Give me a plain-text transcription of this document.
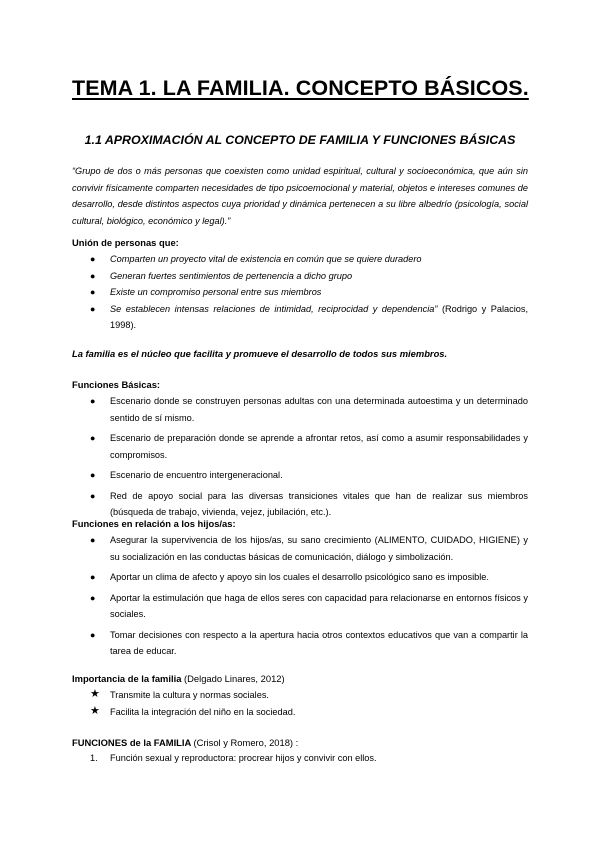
TEMA 1. LA FAMILIA. CONCEPTO BÁSICOS.
1.1 APROXIMACIÓN AL CONCEPTO DE FAMILIA Y FUNCIONES BÁSICAS
“Grupo de dos o más personas que coexisten como unidad espiritual, cultural y socioeconómica, que aún sin convivir físicamente comparten necesidades de tipo psicoemocional y material, objetos e intereses comunes de desarrollo, desde distintos aspectos cuya prioridad y dinámica pertenecen a su libre albedrío (psicología, social cultural, biológico, económico y legal).”
Unión de personas que:
● Comparten un proyecto vital de existencia en común que se quiere duradero
● Generan fuertes sentimientos de pertenencia a dicho grupo
● Existe un compromiso personal entre sus miembros
● Se establecen intensas relaciones de intimidad, reciprocidad y dependencia” (Rodrigo y Palacios, 1998).
La familia es el núcleo que facilita y promueve el desarrollo de todos sus miembros.
Funciones Básicas:
● Escenario donde se construyen personas adultas con una determinada autoestima y un determinado sentido de sí mismo.
● Escenario de preparación donde se aprende a afrontar retos, así como a asumir responsabilidades y compromisos.
● Escenario de encuentro intergeneracional.
● Red de apoyo social para las diversas transiciones vitales que han de realizar sus miembros (búsqueda de trabajo, vivienda, vejez, jubilación, etc.).
Funciones en relación a los hijos/as:
● Asegurar la supervivencia de los hijos/as, su sano crecimiento (ALIMENTO, CUIDADO, HIGIENE) y su socialización en las conductas básicas de comunicación, diálogo y simbolización.
● Aportar un clima de afecto y apoyo sin los cuales el desarrollo psicológico sano es imposible.
● Aportar la estimulación que haga de ellos seres con capacidad para relacionarse en entornos físicos y sociales.
● Tomar decisiones con respecto a la apertura hacia otros contextos educativos que van a compartir la tarea de educar.
Importancia de la familia (Delgado Linares, 2012)
★ Transmite la cultura y normas sociales.
★ Facilita la integración del niño en la sociedad.
FUNCIONES de la FAMILIA (Crisol y Romero, 2018) :
1. Función sexual y reproductora: procrear hijos y convivir con ellos.
